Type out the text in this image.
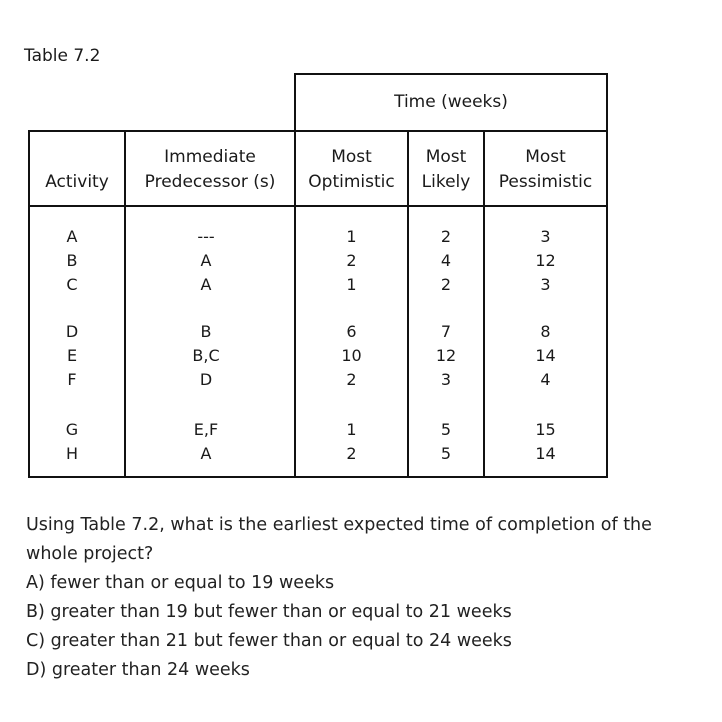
Table 7.2
Time (weeks)
Activity
Immediate
Predecessor (s)
Most
Optimistic
Most
Likely
Most
Pessimistic
A
B
C
---
A
A
1
2
1
2
4
2
3
12
3
D
E
F
B
B,C
D
6
10
2
7
12
3
8
14
4
G
H
E,F
A
1
2
5
5
15
14

Using Table 7.2, what is the earliest expected time of completion of the whole project?

A) fewer than or equal to 19 weeks
B) greater than 19 but fewer than or equal to 21 weeks
C) greater than 21 but fewer than or equal to 24 weeks
D) greater than 24 weeks
